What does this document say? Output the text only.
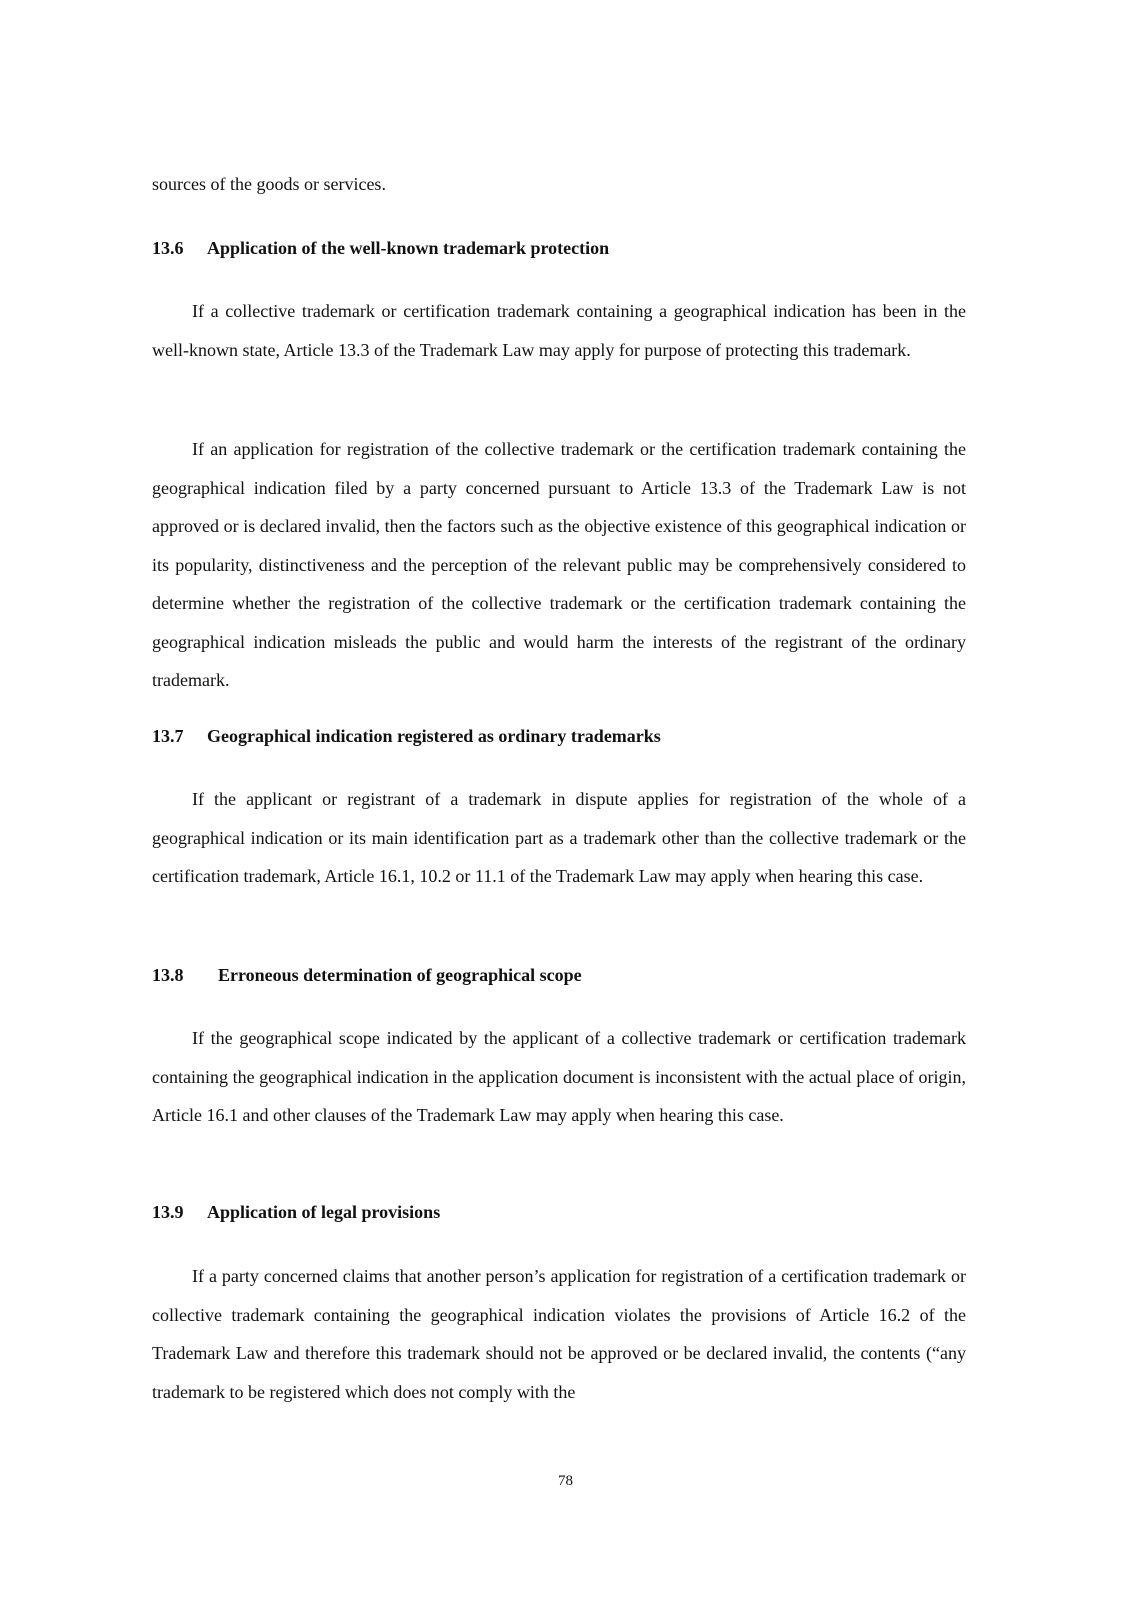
sources of the goods or services.
13.6 Application of the well-known trademark protection
If a collective trademark or certification trademark containing a geographical indication has been in the well-known state, Article 13.3 of the Trademark Law may apply for purpose of protecting this trademark.
If an application for registration of the collective trademark or the certification trademark containing the geographical indication filed by a party concerned pursuant to Article 13.3 of the Trademark Law is not approved or is declared invalid, then the factors such as the objective existence of this geographical indication or its popularity, distinctiveness and the perception of the relevant public may be comprehensively considered to determine whether the registration of the collective trademark or the certification trademark containing the geographical indication misleads the public and would harm the interests of the registrant of the ordinary trademark.
13.7 Geographical indication registered as ordinary trademarks
If the applicant or registrant of a trademark in dispute applies for registration of the whole of a geographical indication or its main identification part as a trademark other than the collective trademark or the certification trademark, Article 16.1, 10.2 or 11.1 of the Trademark Law may apply when hearing this case.
13.8 Erroneous determination of geographical scope
If the geographical scope indicated by the applicant of a collective trademark or certification trademark containing the geographical indication in the application document is inconsistent with the actual place of origin, Article 16.1 and other clauses of the Trademark Law may apply when hearing this case.
13.9 Application of legal provisions
If a party concerned claims that another person’s application for registration of a certification trademark or collective trademark containing the geographical indication violates the provisions of Article 16.2 of the Trademark Law and therefore this trademark should not be approved or be declared invalid, the contents (“any trademark to be registered which does not comply with the
78
